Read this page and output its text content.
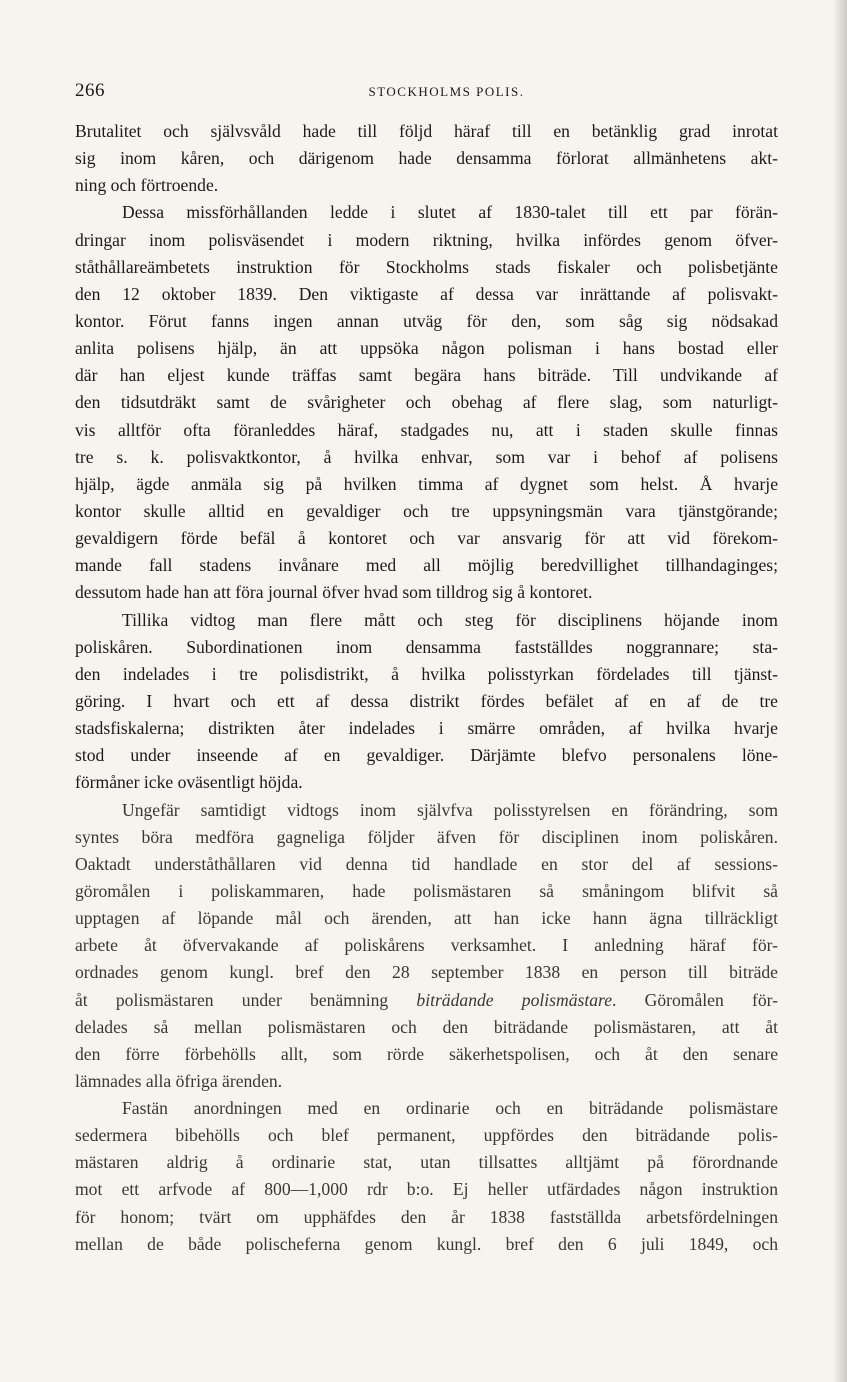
266	STOCKHOLMS POLIS.
Brutalitet och självsvåld hade till följd häraf till en betänklig grad inrotat
sig inom kåren, och därigenom hade densamma förlorat allmänhetens akt-
ning och förtroende.
Dessa missförhållanden ledde i slutet af 1830-talet till ett par förän-
dringar inom polisväsendet i modern riktning, hvilka infördes genom öfver-
ståthållareämbetets instruktion för Stockholms stads fiskaler och polisbetjänte
den 12 oktober 1839. Den viktigaste af dessa var inrättande af polisvakt-
kontor. Förut fanns ingen annan utväg för den, som såg sig nödsakad
anlita polisens hjälp, än att uppsöka någon polisman i hans bostad eller
där han eljest kunde träffas samt begära hans biträde. Till undvikande af
den tidsutdräkt samt de svårigheter och obehag af flere slag, som naturligt-
vis alltför ofta föranleddes häraf, stadgades nu, att i staden skulle finnas
tre s. k. polisvaktkontor, å hvilka enhvar, som var i behof af polisens
hjälp, ägde anmäla sig på hvilken timma af dygnet som helst. Å hvarje
kontor skulle alltid en gevaldiger och tre uppsyningsmän vara tjänstgörande;
gevaldigern förde befäl å kontoret och var ansvarig för att vid förekom-
mande fall stadens invånare med all möjlig beredvillighet tillhandaginges;
dessutom hade han att föra journal öfver hvad som tilldrog sig å kontoret.
Tillika vidtog man flere mått och steg för disciplinens höjande inom
poliskåren. Subordinationen inom densamma fastställdes noggrannare; sta-
den indelades i tre polisdistrikt, å hvilka polisstyrkan fördelades till tjänst-
göring. I hvart och ett af dessa distrikt fördes befälet af en af de tre
stadsfiskalerna; distrikten åter indelades i smärre områden, af hvilka hvarje
stod under inseende af en gevaldiger. Därjämte blefvo personalens löne-
förmåner icke oväsentligt höjda.
Ungefär samtidigt vidtogs inom självfva polisstyrelsen en förändring, som
syntes böra medföra gagneliga följder äfven för disciplinen inom poliskåren.
Oaktadt underståthållaren vid denna tid handlade en stor del af sessions-
göromålen i poliskammaren, hade polismästaren så småningom blifvit så
upptagen af löpande mål och ärenden, att han icke hann ägna tillräckligt
arbete åt öfvervakande af poliskårens verksamhet. I anledning häraf för-
ordnades genom kungl. bref den 28 september 1838 en person till biträde
åt polismästaren under benämning biträdande polismästare. Göromålen för-
delades så mellan polismästaren och den biträdande polismästaren, att åt
den förre förbehölls allt, som rörde säkerhetspolisen, och åt den senare
lämnades alla öfriga ärenden.
Fastän anordningen med en ordinarie och en biträdande polismästare
sedermera bibehölls och blef permanent, uppfördes den biträdande polis-
mästaren aldrig å ordinarie stat, utan tillsattes alltjämt på förordnande
mot ett arfvode af 800—1,000 rdr b:o. Ej heller utfärdades någon instruktion
för honom; tvärt om upphäfdes den år 1838 fastställda arbetsfördelningen
mellan de både polischeferna genom kungl. bref den 6 juli 1849, och
